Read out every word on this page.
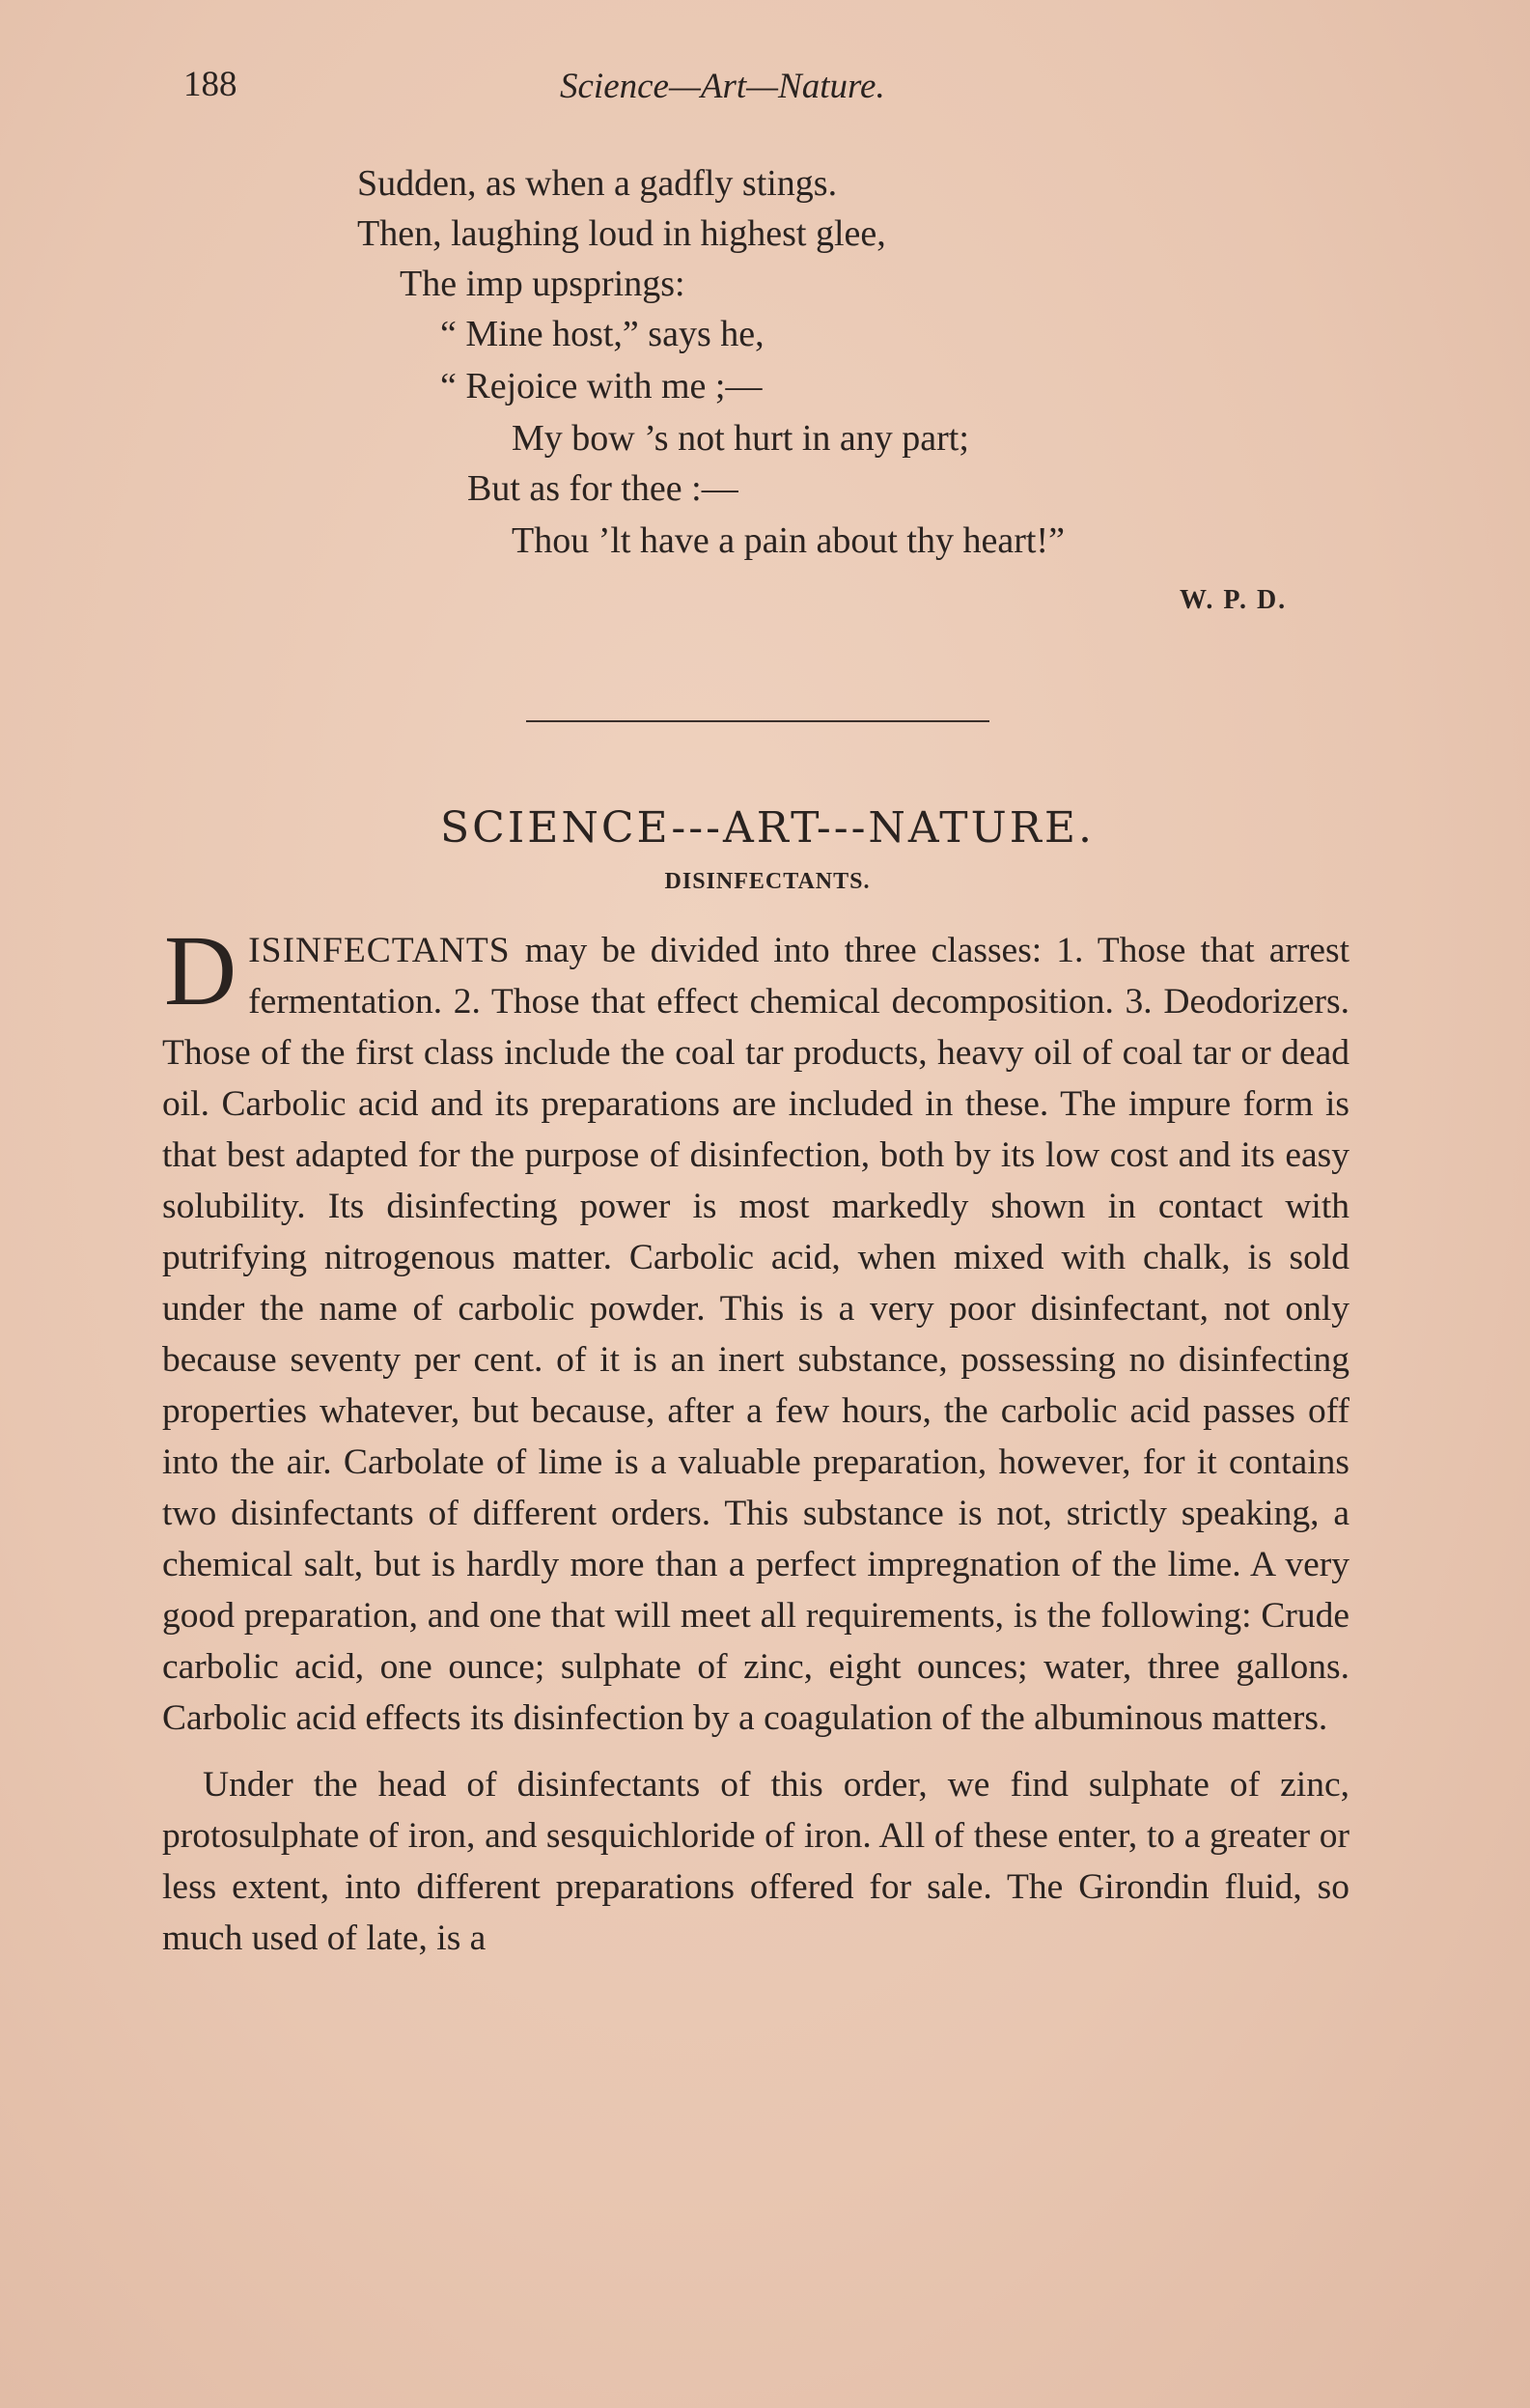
188	Science—Art—Nature.
Sudden, as when a gadfly stings.
Then, laughing loud in highest glee,
The imp upsprings:
“ Mine host,” says he,
“ Rejoice with me ;—
My bow ’s not hurt in any part;
But as for thee :—
Thou ’lt have a pain about thy heart!”
W. P. D.
SCIENCE---ART---NATURE.
DISINFECTANTS.

DISINFECTANTS may be divided into three classes: 1. Those that arrest fermentation. 2. Those that effect chemical decomposition. 3. Deodorizers. Those of the first class include the coal tar products, heavy oil of coal tar or dead oil. Carbolic acid and its preparations are included in these. The impure form is that best adapted for the purpose of disinfection, both by its low cost and its easy solubility. Its disinfecting power is most markedly shown in contact with putrifying nitrogenous matter. Carbolic acid, when mixed with chalk, is sold under the name of carbolic powder. This is a very poor disinfectant, not only because seventy per cent. of it is an inert substance, possessing no disinfecting properties whatever, but because, after a few hours, the carbolic acid passes off into the air. Carbolate of lime is a valuable preparation, however, for it contains two disinfectants of different orders. This substance is not, strictly speaking, a chemical salt, but is hardly more than a perfect impregnation of the lime. A very good preparation, and one that will meet all requirements, is the following: Crude carbolic acid, one ounce; sulphate of zinc, eight ounces; water, three gallons. Carbolic acid effects its disinfection by a coagulation of the albuminous matters.

Under the head of disinfectants of this order, we find sulphate of zinc, protosulphate of iron, and sesquichloride of iron. All of these enter, to a greater or less extent, into different preparations offered for sale. The Girondin fluid, so much used of late, is a
